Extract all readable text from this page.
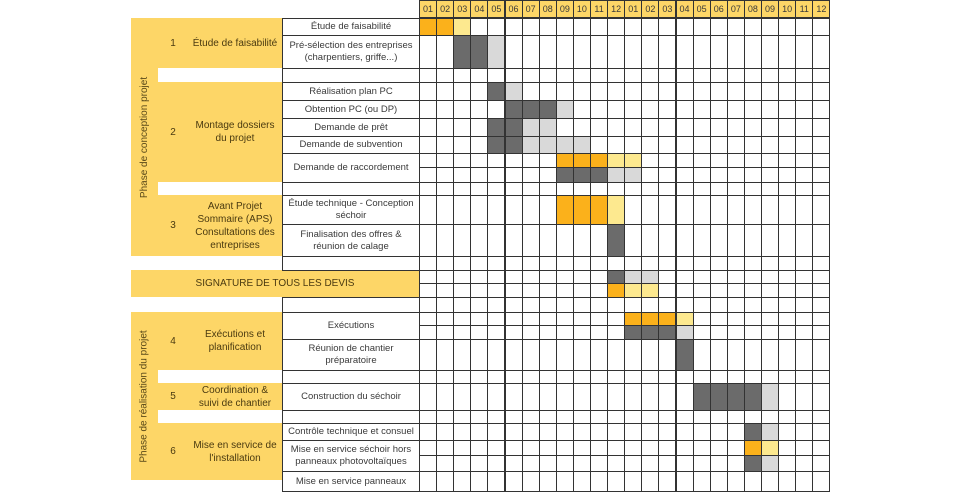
Phase de conception projet
Phase de réalisation du projet
1	Étude de faisabilité
2
Montage dossiers du projet
3
Avant Projet Sommaire (APS) Consultations des entreprises
SIGNATURE DE TOUS LES DEVIS
4
Exécutions et planification
5
Coordination & suivi de chantier
6
Mise en service de l'installation
01 02 03 04 05 06 07 08 09 10 11 12 01 02 03 04 05 06 07 08 09 10 11 12
Étude de faisabilité
Pré-sélection des entreprises (charpentiers, griffe...)
Réalisation plan PC
Obtention PC (ou DP)
Demande de prêt
Demande de subvention
Demande de raccordement
Étude technique - Conception séchoir
Finalisation des offres & réunion de calage
Exécutions
Réunion de chantier préparatoire
Construction du séchoir
Contrôle technique et consuel
Mise en service séchoir hors panneaux photovoltaïques
Mise en service panneaux
